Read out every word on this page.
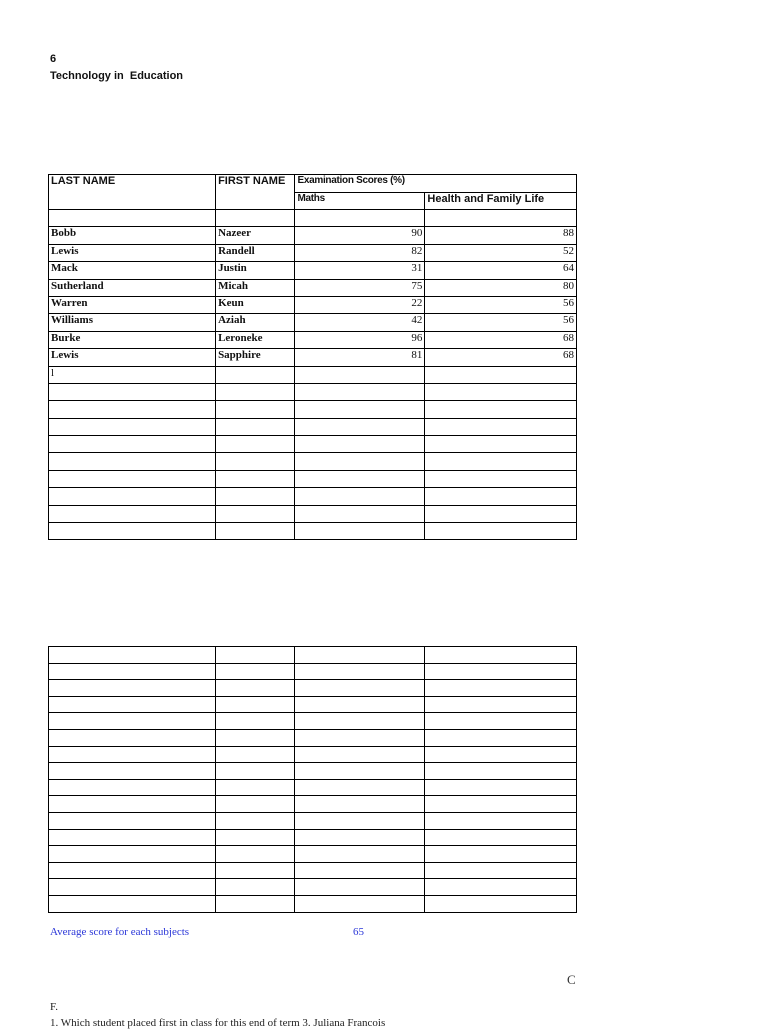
6
Technology in  Education
LAST NAME	FIRST NAME	Examination Scores (%)	
		Maths	Health and Family Life

Bobb	Nazeer	90	88
Lewis	Randell	82	52
Mack	Justin	31	64
Sutherland	Micah	75	80
Warren	Keun	22	56
Williams	Aziah	42	56
Burke	Leroneke	96	68
Lewis	Sapphire	81	68
l			

Average score for each subjects	65
C
F.
1. Which student placed first in class for this end of term 3. Juliana Francois
